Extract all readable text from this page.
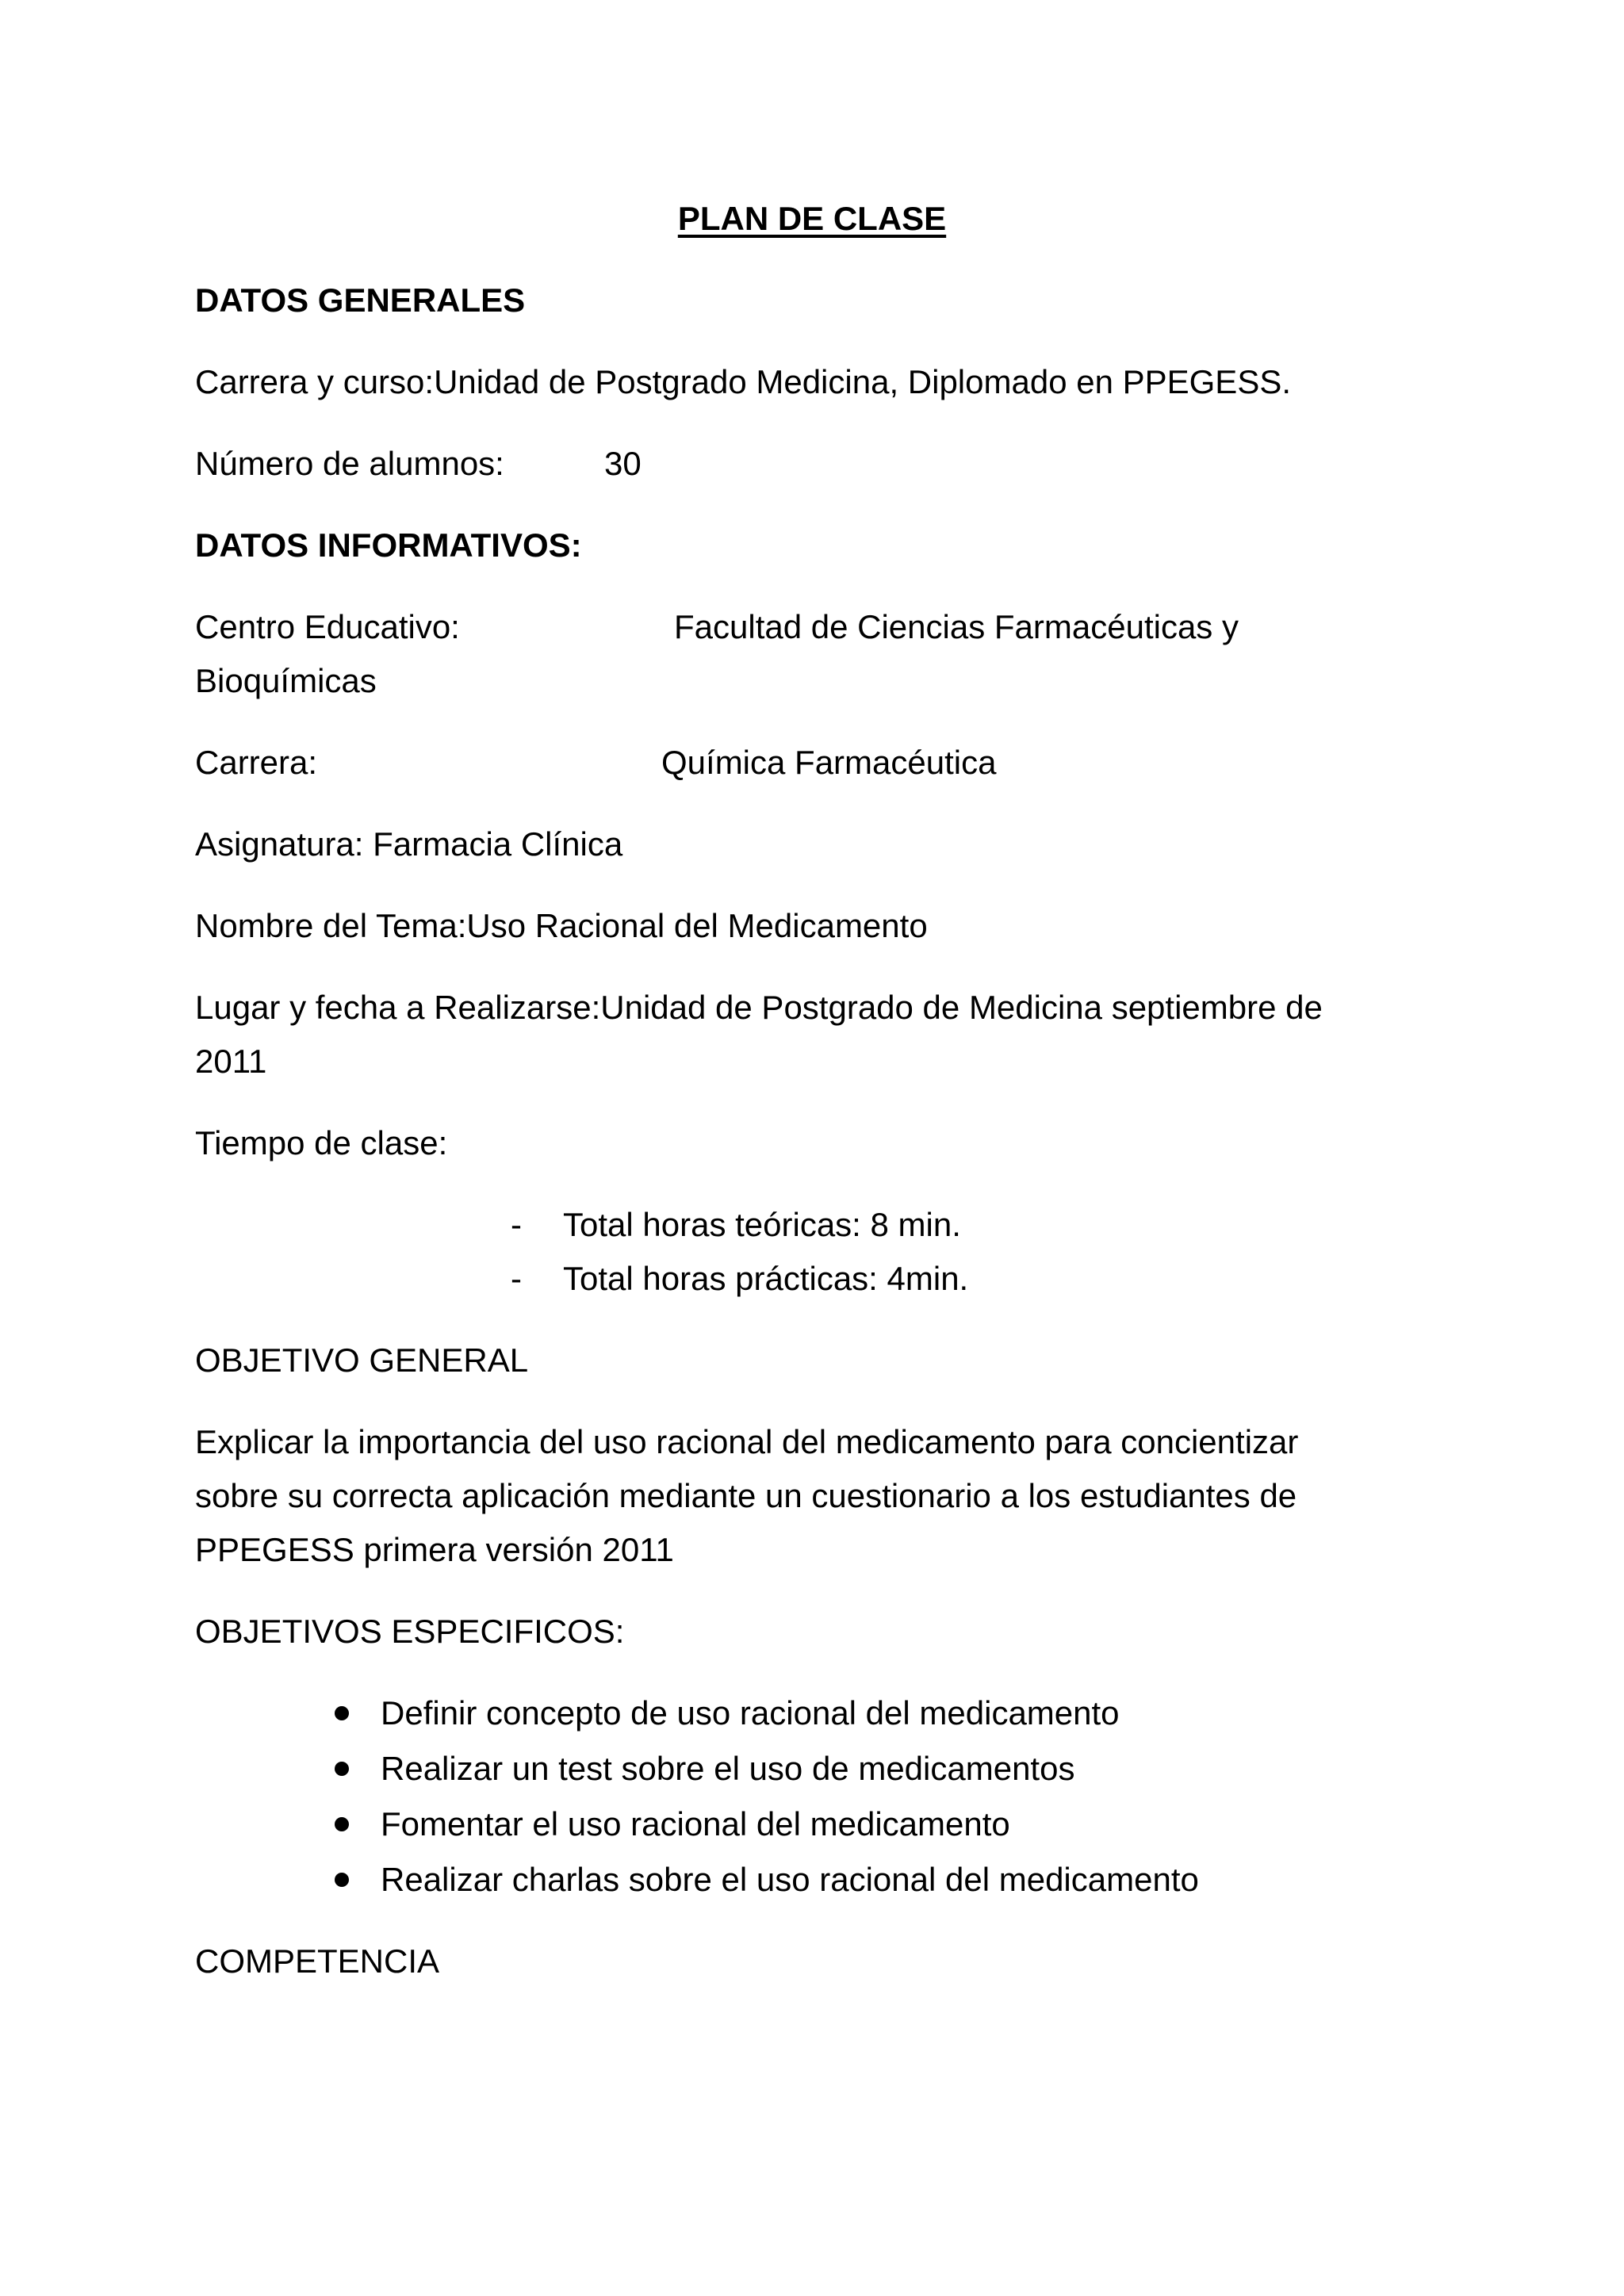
PLAN DE CLASE
DATOS GENERALES
Carrera y curso:Unidad de Postgrado Medicina, Diplomado en PPEGESS.
Número de alumnos:	30
DATOS INFORMATIVOS:
Centro Educativo:	Facultad de Ciencias Farmacéuticas y
Bioquímicas
Carrera:	Química Farmacéutica
Asignatura: Farmacia Clínica
Nombre del Tema:Uso Racional del Medicamento
Lugar y fecha a Realizarse:Unidad de Postgrado de Medicina septiembre de
2011
Tiempo de clase:
- Total horas teóricas: 8 min.
- Total horas prácticas: 4min.
OBJETIVO GENERAL
Explicar la importancia del uso racional del medicamento para concientizar
sobre su correcta aplicación mediante un cuestionario a los estudiantes de
PPEGESS primera versión 2011
OBJETIVOS ESPECIFICOS:
Definir concepto de uso racional del medicamento
Realizar un test sobre el uso de medicamentos
Fomentar el uso racional del medicamento
Realizar charlas sobre el uso racional del medicamento
COMPETENCIA
